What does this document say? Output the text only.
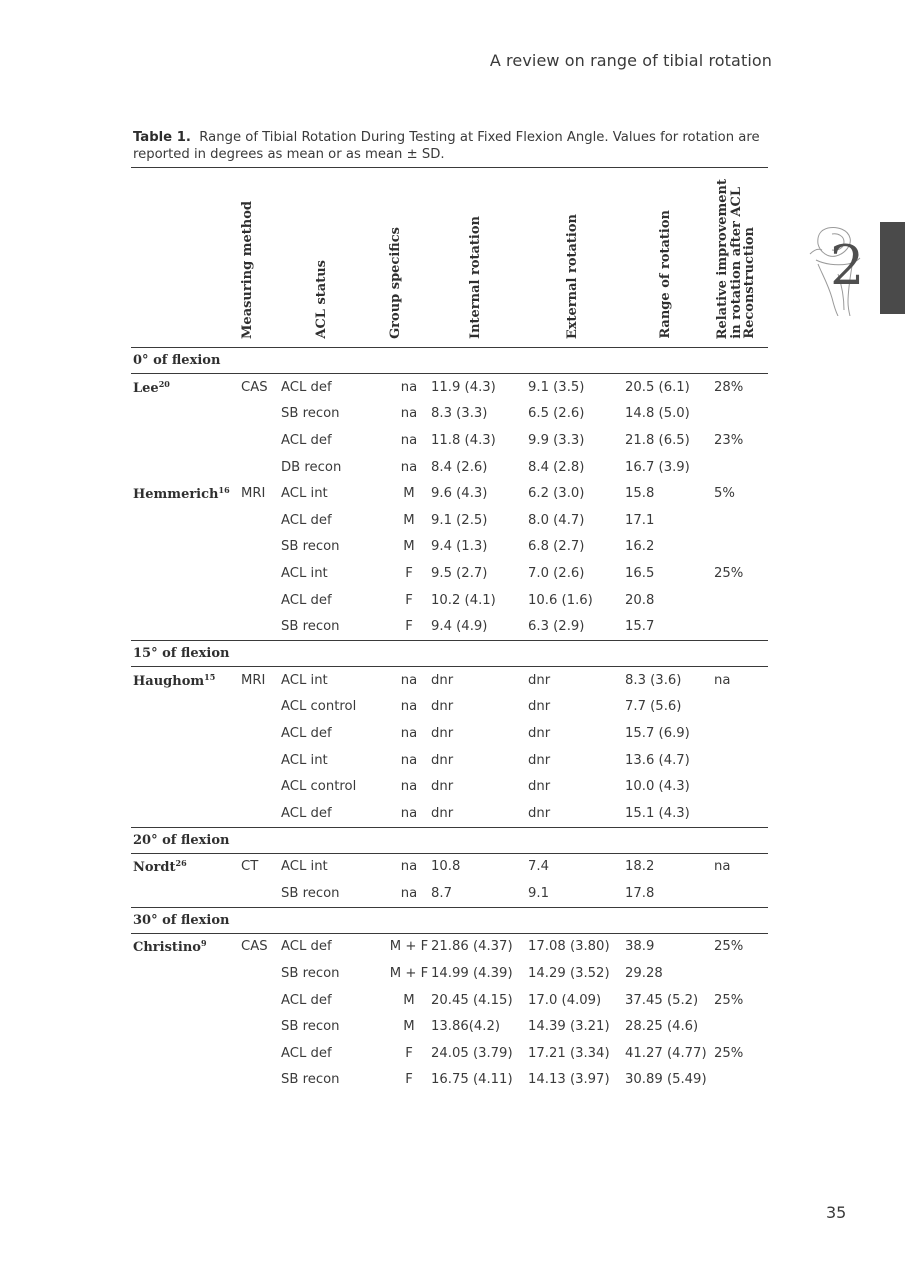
A review on range of tibial rotation
2
Table 1. Range of Tibial Rotation During Testing at Fixed Flexion Angle. Values for rotation are reported in degrees as mean or as mean ± SD.
	Measuring method	ACL status	Group specifics	Internal rotation	External rotation	Range of rotation	Relative improvementin rotation after ACLReconstruction
0° of flexion							
Lee$^{20}$	CAS	ACL def	na	11.9 (4.3)	9.1 (3.5)	20.5 (6.1)	28%
		SB recon	na	8.3 (3.3)	6.5 (2.6)	14.8 (5.0)	
		ACL def	na	11.8 (4.3)	9.9 (3.3)	21.8 (6.5)	23%
		DB recon	na	8.4 (2.6)	8.4 (2.8)	16.7 (3.9)	
Hemmerich$^{16}$	MRI	ACL int	M	9.6 (4.3)	6.2 (3.0)	15.8	5%
		ACL def	M	9.1 (2.5)	8.0 (4.7)	17.1	
		SB recon	M	9.4 (1.3)	6.8 (2.7)	16.2	
		ACL int	F	9.5 (2.7)	7.0 (2.6)	16.5	25%
		ACL def	F	10.2 (4.1)	10.6 (1.6)	20.8	
		SB recon	F	9.4 (4.9)	6.3 (2.9)	15.7	
15° of flexion							
Haughom$^{15}$	MRI	ACL int	na	dnr	dnr	8.3 (3.6)	na
		ACL control	na	dnr	dnr	7.7 (5.6)	
		ACL def	na	dnr	dnr	15.7 (6.9)	
		ACL int	na	dnr	dnr	13.6 (4.7)	
		ACL control	na	dnr	dnr	10.0 (4.3)	
		ACL def	na	dnr	dnr	15.1 (4.3)	
20° of flexion							
Nordt$^{26}$	CT	ACL int	na	10.8	7.4	18.2	na
		SB recon	na	8.7	9.1	17.8	
30° of flexion							
Christino$^9$	CAS	ACL def	M + F	21.86 (4.37)	17.08 (3.80)	38.9	25%
		SB recon	M + F	14.99 (4.39)	14.29 (3.52)	29.28	
		ACL def	M	20.45 (4.15)	17.0 (4.09)	37.45 (5.2)	25%
		SB recon	M	13.86(4.2)	14.39 (3.21)	28.25 (4.6)	
		ACL def	F	24.05 (3.79)	17.21 (3.34)	41.27 (4.77)	25%
		SB recon	F	16.75 (4.11)	14.13 (3.97)	30.89 (5.49)	
35
